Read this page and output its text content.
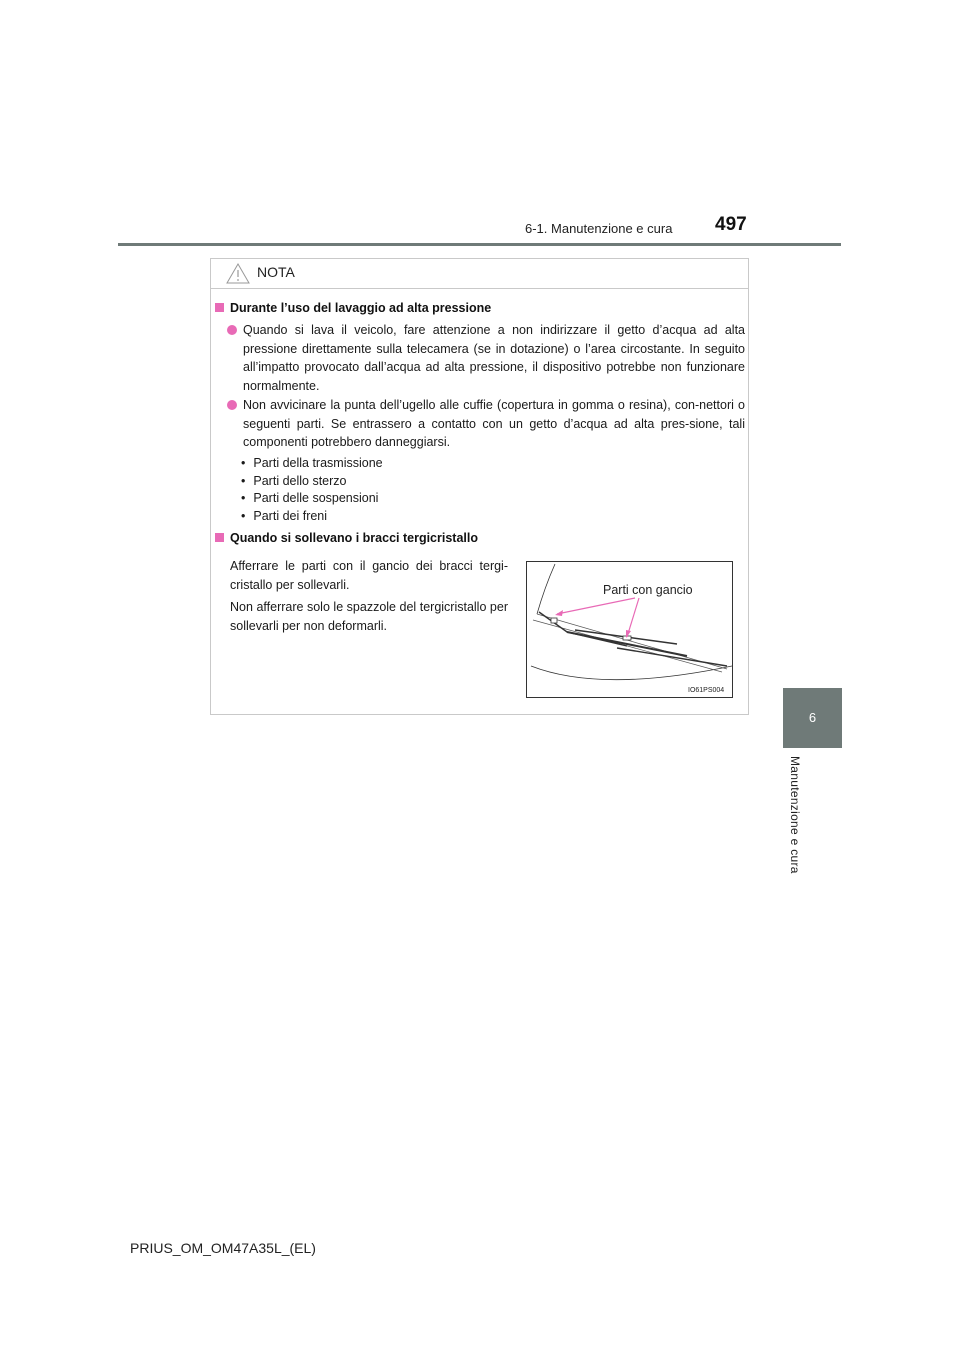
6-1. Manutenzione e cura 497
6
Manutenzione e cura
NOTA
Durante l’uso del lavaggio ad alta pressione
Quando si lava il veicolo, fare attenzione a non indirizzare il getto d’acqua ad alta pressione direttamente sulla telecamera (se in dotazione) o l’area circostante. In seguito all’impatto provocato dall’acqua ad alta pressione, il dispositivo potrebbe non funzionare normalmente.
Non avvicinare la punta dell’ugello alle cuffie (copertura in gomma o resina), con-nettori o seguenti parti. Se entrassero a contatto con un getto d’acqua ad alta pres-sione, tali componenti potrebbero danneggiarsi.
• Parti della trasmissione
• Parti dello sterzo
• Parti delle sospensioni
• Parti dei freni
Quando si sollevano i bracci tergicristallo
Afferrare le parti con il gancio dei bracci tergi-cristallo per sollevarli.
Non afferrare solo le spazzole del tergicristallo per sollevarli per non deformarli.
Parti con gancio
IO61PS004
PRIUS_OM_OM47A35L_(EL)
